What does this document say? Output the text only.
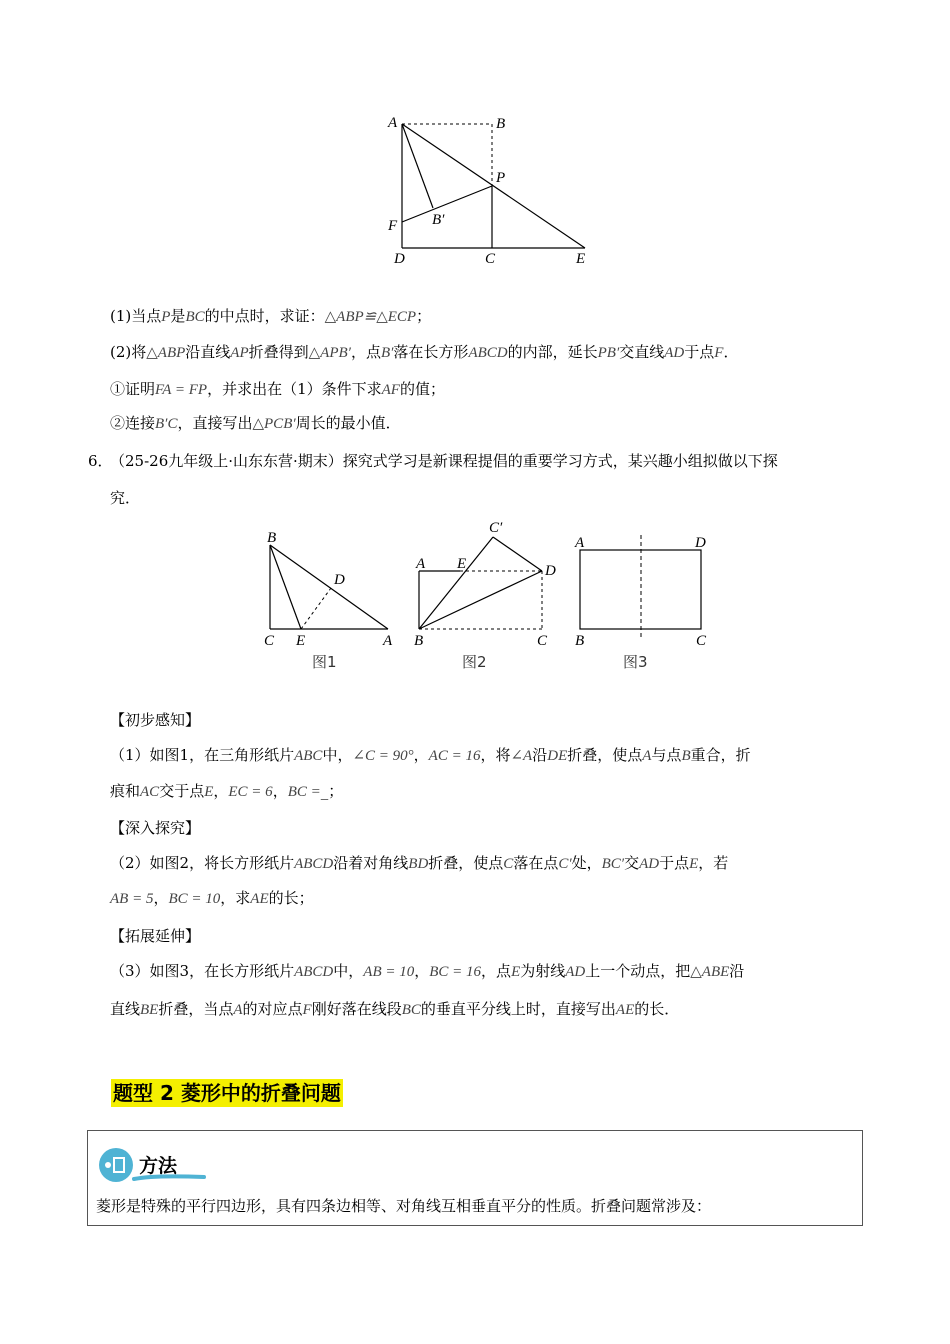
A	B
P
B′
F
D	C	E
(1)当点P是BC的中点时，求证：△ABP≌△ECP；
(2)将△ABP沿直线AP折叠得到△APB′，点B′落在长方形ABCD的内部，延长PB′交直线AD于点F．
①证明FA = FP，并求出在（1）条件下求AF的值；
②连接B′C，直接写出△PCB′周长的最小值．
6．
（25-26九年级上·山东东营·期末）探究式学习是新课程提倡的重要学习方式，某兴趣小组拟做以下探
究．
B
D
C E	A
图1
C′
A E	D
B	C
图2
A	D
B	C
图3
【初步感知】
（1）如图1，在三角形纸片ABC中，∠C = 90°，AC = 16，将∠A沿DE折叠，使点A与点B重合，折
痕和AC交于点E，EC = 6，BC =_；
【深入探究】
（2）如图2，将长方形纸片ABCD沿着对角线BD折叠，使点C落在点C′处，BC′交AD于点E，若
AB = 5，BC = 10，求AE的长；
【拓展延伸】
（3）如图3，在长方形纸片ABCD中，AB = 10，BC = 16，点E为射线AD上一个动点，把△ABE沿
直线BE折叠，当点A的对应点F刚好落在线段BC的垂直平分线上时，直接写出AE的长．
题型 2 菱形中的折叠问题
方法
菱形是特殊的平行四边形，具有四条边相等、对角线互相垂直平分的性质。折叠问题常涉及：
